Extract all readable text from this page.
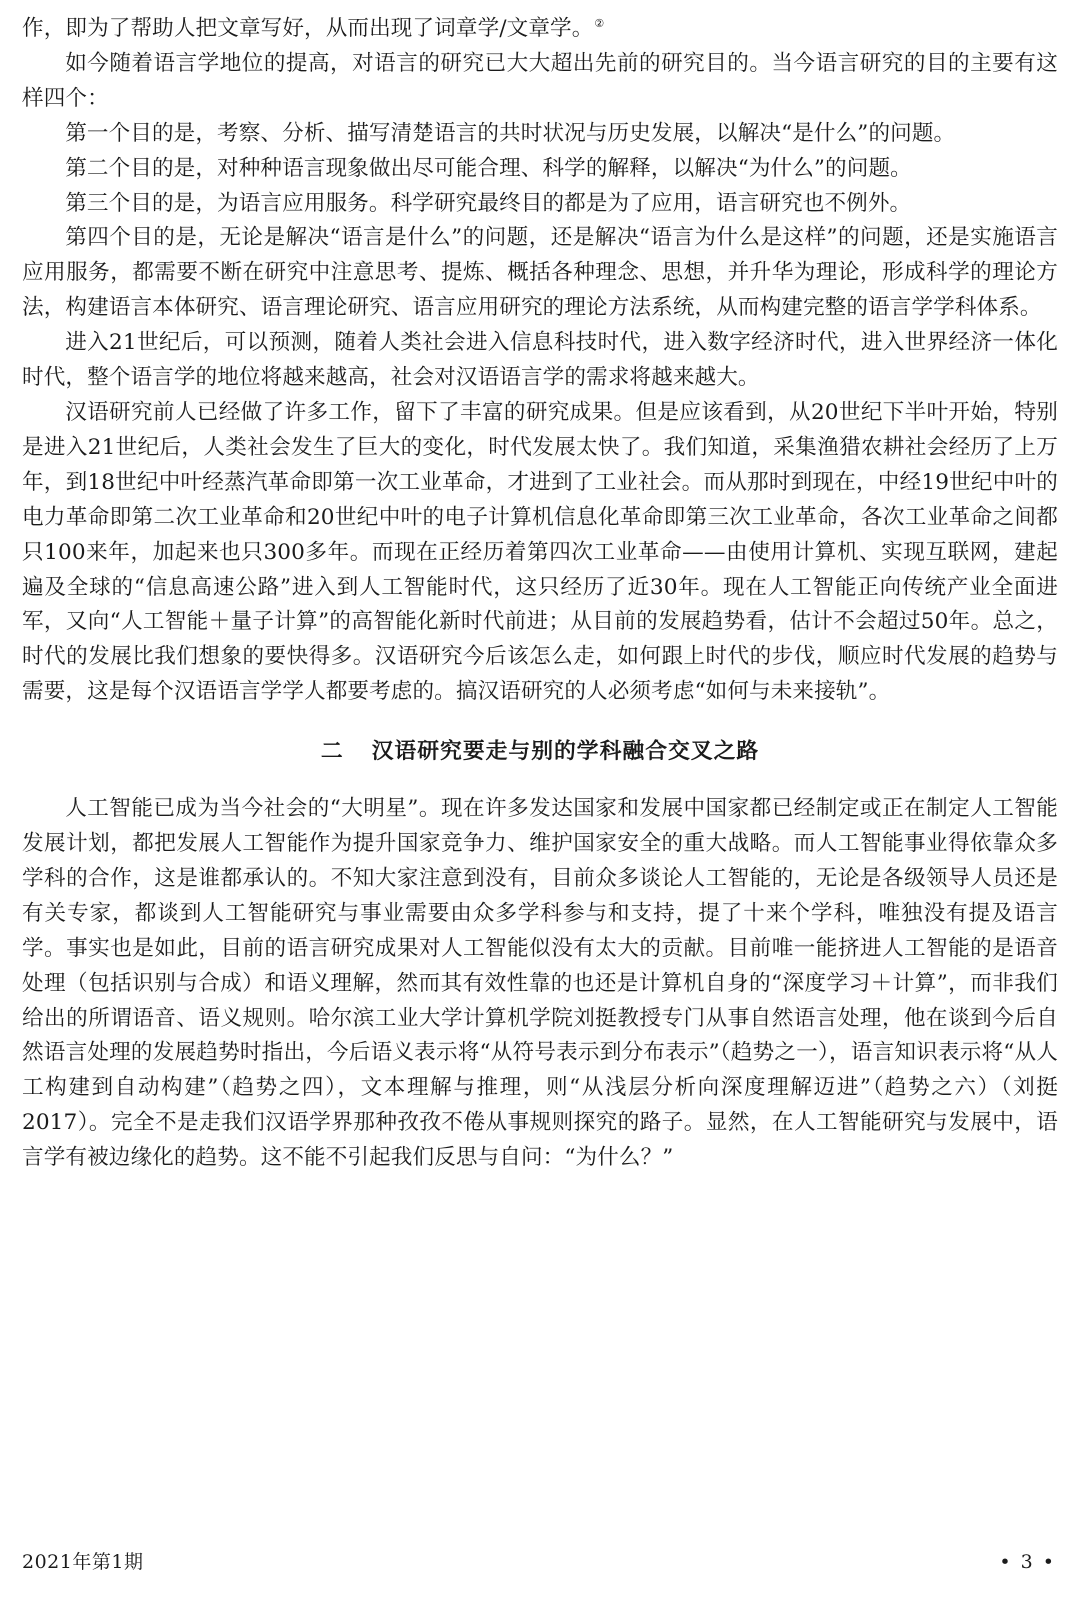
作，即为了帮助人把文章写好，从而出现了词章学/文章学。②

如今随着语言学地位的提高，对语言的研究已大大超出先前的研究目的。当今语言研究的目的主要有这样四个：

第一个目的是，考察、分析、描写清楚语言的共时状况与历史发展，以解决“是什么”的问题。

第二个目的是，对种种语言现象做出尽可能合理、科学的解释，以解决“为什么”的问题。

第三个目的是，为语言应用服务。科学研究最终目的都是为了应用，语言研究也不例外。

第四个目的是，无论是解决“语言是什么”的问题，还是解决“语言为什么是这样”的问题，还是实施语言应用服务，都需要不断在研究中注意思考、提炼、概括各种理念、思想，并升华为理论，形成科学的理论方法，构建语言本体研究、语言理论研究、语言应用研究的理论方法系统，从而构建完整的语言学学科体系。

进入21世纪后，可以预测，随着人类社会进入信息科技时代，进入数字经济时代，进入世界经济一体化时代，整个语言学的地位将越来越高，社会对汉语语言学的需求将越来越大。

汉语研究前人已经做了许多工作，留下了丰富的研究成果。但是应该看到，从20世纪下半叶开始，特别是进入21世纪后，人类社会发生了巨大的变化，时代发展太快了。我们知道，采集渔猎农耕社会经历了上万年，到18世纪中叶经蒸汽革命即第一次工业革命，才进到了工业社会。而从那时到现在，中经19世纪中叶的电力革命即第二次工业革命和20世纪中叶的电子计算机信息化革命即第三次工业革命，各次工业革命之间都只100来年，加起来也只300多年。而现在正经历着第四次工业革命——由使用计算机、实现互联网，建起遍及全球的“信息高速公路”进入到人工智能时代，这只经历了近30年。现在人工智能正向传统产业全面进军，又向“人工智能＋量子计算”的高智能化新时代前进；从目前的发展趋势看，估计不会超过50年。总之，时代的发展比我们想象的要快得多。汉语研究今后该怎么走，如何跟上时代的步伐，顺应时代发展的趋势与需要，这是每个汉语语言学学人都要考虑的。搞汉语研究的人必须考虑“如何与未来接轨”。

二 汉语研究要走与别的学科融合交叉之路

人工智能已成为当今社会的“大明星”。现在许多发达国家和发展中国家都已经制定或正在制定人工智能发展计划，都把发展人工智能作为提升国家竞争力、维护国家安全的重大战略。而人工智能事业得依靠众多学科的合作，这是谁都承认的。不知大家注意到没有，目前众多谈论人工智能的，无论是各级领导人员还是有关专家，都谈到人工智能研究与事业需要由众多学科参与和支持，提了十来个学科，唯独没有提及语言学。事实也是如此，目前的语言研究成果对人工智能似没有太大的贡献。目前唯一能挤进人工智能的是语音处理（包括识别与合成）和语义理解，然而其有效性靠的也还是计算机自身的“深度学习＋计算”，而非我们给出的所谓语音、语义规则。哈尔滨工业大学计算机学院刘挺教授专门从事自然语言处理，他在谈到今后自然语言处理的发展趋势时指出，今后语义表示将“从符号表示到分布表示”（趋势之一），语言知识表示将“从人工构建到自动构建”（趋势之四），文本理解与推理，则“从浅层分析向深度理解迈进”（趋势之六）（刘挺2017）。完全不是走我们汉语学界那种孜孜不倦从事规则探究的路子。显然，在人工智能研究与发展中，语言学有被边缘化的趋势。这不能不引起我们反思与自问：“为什么？”

2021年第1期	• 3 •
